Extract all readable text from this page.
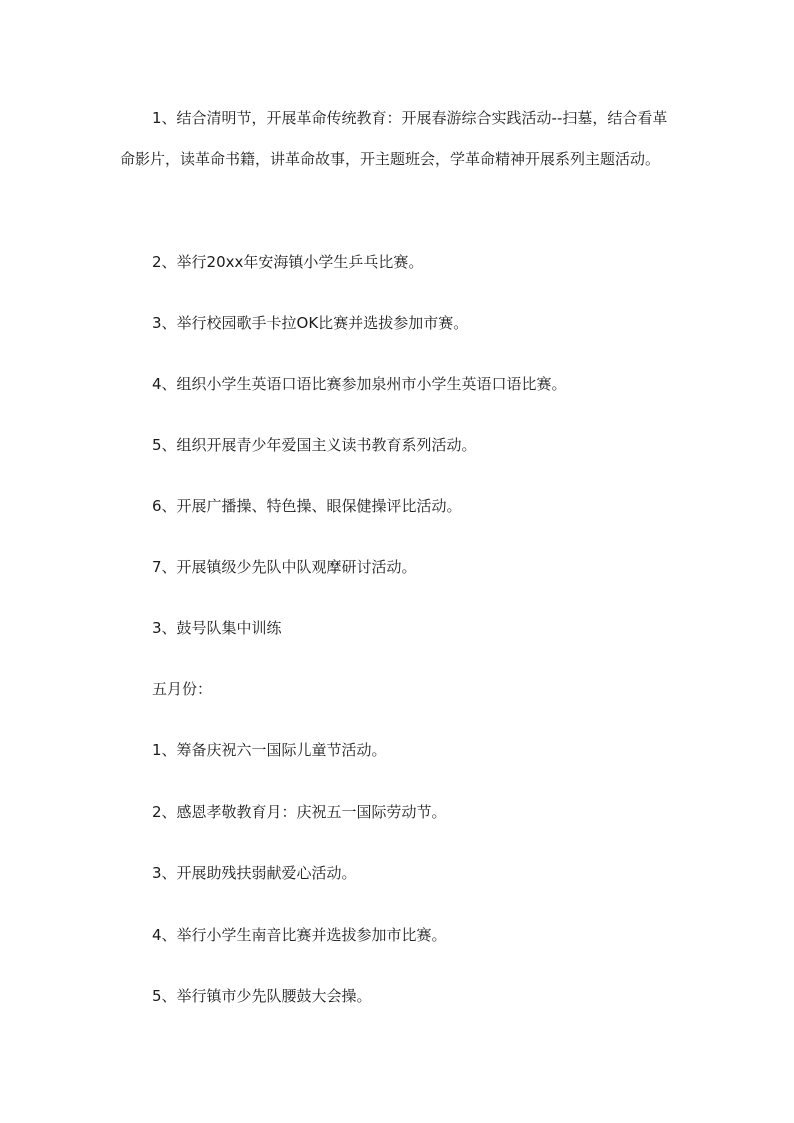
1、结合清明节，开展革命传统教育：开展春游综合实践活动--扫墓，结合看革命影片，读革命书籍，讲革命故事，开主题班会，学革命精神开展系列主题活动。

2、举行20xx年安海镇小学生乒乓比赛。

3、举行校园歌手卡拉OK比赛并选拔参加市赛。

4、组织小学生英语口语比赛参加泉州市小学生英语口语比赛。

5、组织开展青少年爱国主义读书教育系列活动。

6、开展广播操、特色操、眼保健操评比活动。

7、开展镇级少先队中队观摩研讨活动。

3、鼓号队集中训练

五月份：

1、筹备庆祝六一国际儿童节活动。

2、感恩孝敬教育月：庆祝五一国际劳动节。

3、开展助残扶弱献爱心活动。

4、举行小学生南音比赛并选拔参加市比赛。

5、举行镇市少先队腰鼓大会操。
